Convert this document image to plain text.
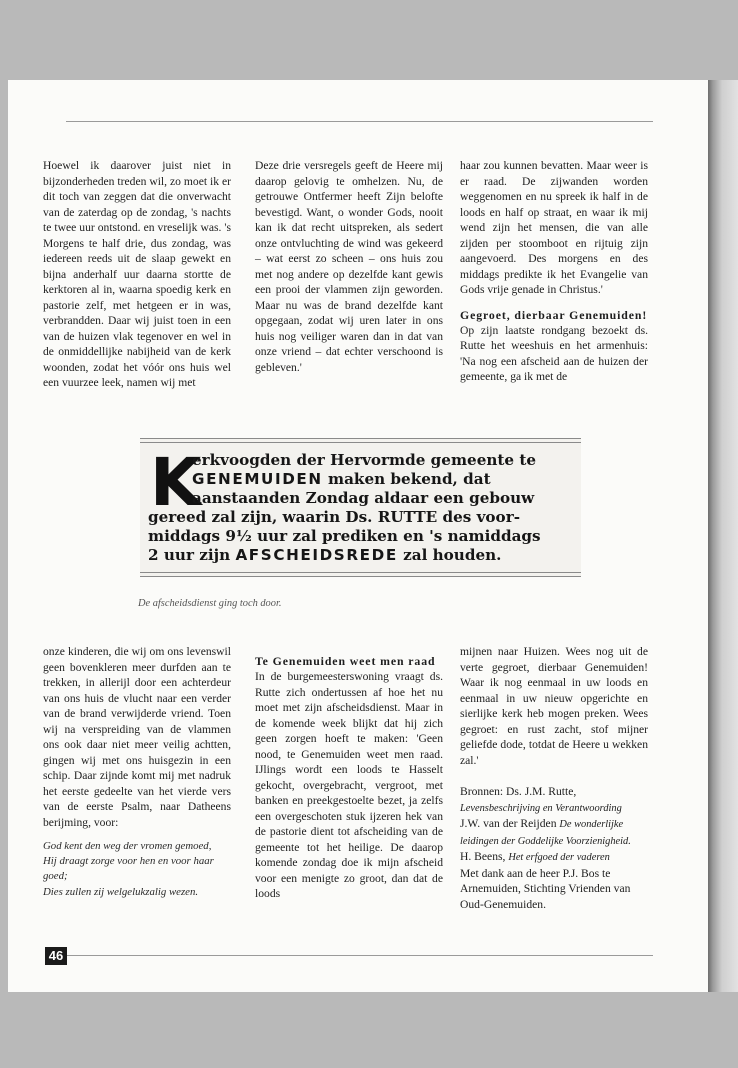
Hoewel ik daarover juist niet in bijzonderheden treden wil, zo moet ik er dit toch van zeggen dat die onverwacht van de zaterdag op de zondag, 's nachts te twee uur ontstond. en vreselijk was. 's Morgens te half drie, dus zondag, was iedereen reeds uit de slaap gewekt en bijna anderhalf uur daarna stortte de kerktoren al in, waarna spoedig kerk en pastorie zelf, met hetgeen er in was, verbrandden. Daar wij juist toen in een van de huizen vlak tegenover en wel in de onmiddellijke nabijheid van de kerk woonden, zodat het vóór ons huis wel een vuurzee leek, namen wij met

Deze drie versregels geeft de Heere mij daarop gelovig te omhelzen. Nu, de getrouwe Ontfermer heeft Zijn belofte bevestigd. Want, o wonder Gods, nooit kan ik dat recht uitspreken, als sedert onze ontvluchting de wind was gekeerd – wat eerst zo scheen – ons huis zou met nog andere op dezelfde kant gewis een prooi der vlammen zijn geworden. Maar nu was de brand dezelfde kant opgegaan, zodat wij uren later in ons huis nog veiliger waren dan in dat van onze vriend – dat echter verschoond is gebleven.'

haar zou kunnen bevatten. Maar weer is er raad. De zijwanden worden weggenomen en nu spreek ik half in de loods en half op straat, en waar ik mij wend zijn het mensen, die van alle zijden per stoomboot en rijtuig zijn aangevoerd. Des morgens en des middags predikte ik het Evangelie van Gods vrije genade in Christus.'

Gegroet, dierbaar Genemuiden!

Op zijn laatste rondgang bezoekt ds. Rutte het weeshuis en het armenhuis: 'Na nog een afscheid aan de huizen der gemeente, ga ik met de

K
erkvoogden der Hervormde gemeente te
GENEMUIDEN maken bekend, dat
aanstaanden Zondag aldaar een gebouw
gereed zal zijn, waarin Ds. RUTTE des voor-
middags 9½ uur zal prediken en 's namiddags
2 uur zijn AFSCHEIDSREDE zal houden.
De afscheidsdienst ging toch door.

onze kinderen, die wij om ons levenswil geen bovenkleren meer durfden aan te trekken, in allerijl door een achterdeur van ons huis de vlucht naar een verder van de brand verwijderde vriend. Toen wij na verspreiding van de vlammen ons ook daar niet meer veilig achtten, gingen wij met ons huisgezin in een schip. Daar zijnde komt mij met nadruk het eerste gedeelte van het vierde vers van de eerste Psalm, naar Datheens berijming, voor:

God kent den weg der vromen gemoed,
Hij draagt zorge voor hen en voor haar goed;
Dies zullen zij welgelukzalig wezen.
Te Genemuiden weet men raad

In de burgemeesterswoning vraagt ds. Rutte zich ondertussen af hoe het nu moet met zijn afscheidsdienst. Maar in de komende week blijkt dat hij zich geen zorgen hoeft te maken: 'Geen nood, te Genemuiden weet men raad. IJlings wordt een loods te Hasselt gekocht, overgebracht, vergroot, met banken en preekgestoelte bezet, ja zelfs een overgeschoten stuk ijzeren hek van de pastorie dient tot afscheiding van de gemeente tot het heilige. De daarop komende zondag doe ik mijn afscheid voor een menigte zo groot, dan dat de loods

mijnen naar Huizen. Wees nog uit de verte gegroet, dierbaar Genemuiden! Waar ik nog eenmaal in uw loods en eenmaal in uw nieuw opgerichte en sierlijke kerk heb mogen preken. Wees gegroet: en rust zacht, stof mijner geliefde dode, totdat de Heere u wekken zal.'

Bronnen: Ds. J.M. Rutte, Levensbeschrijving en Verantwoording
J.W. van der Reijden De wonderlijke leidingen der Goddelijke Voorzienigheid.
H. Beens, Het erfgoed der vaderen
Met dank aan de heer P.J. Bos te Arnemuiden, Stichting Vrienden van Oud-Genemuiden.
46
